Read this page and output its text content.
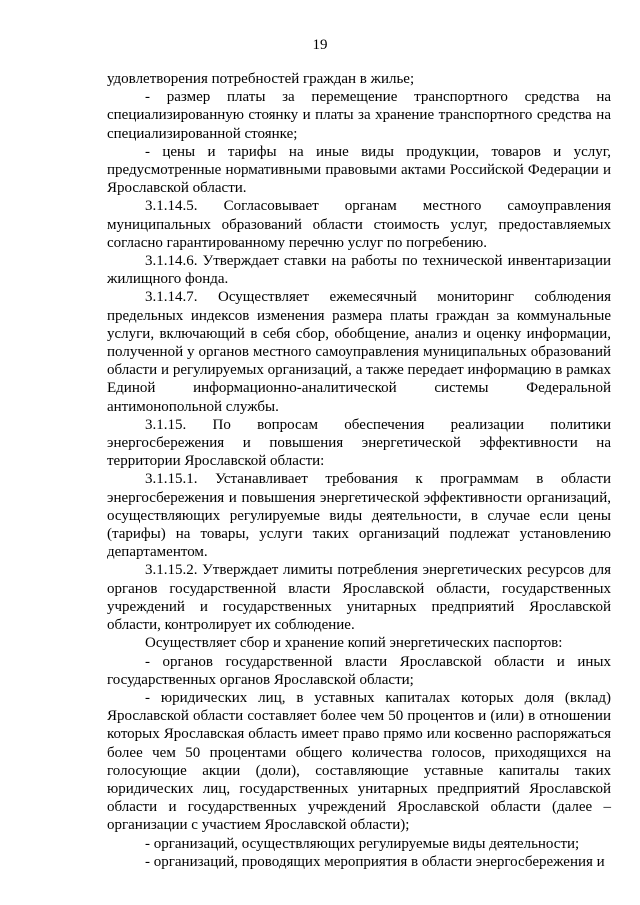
19

удовлетворения потребностей граждан в жилье;

- размер платы за перемещение транспортного средства на специализированную стоянку и платы за хранение транспортного средства на специализированной стоянке;

- цены и тарифы на иные виды продукции, товаров и услуг, предусмотренные нормативными правовыми актами Российской Федерации и Ярославской области.

3.1.14.5. Согласовывает органам местного самоуправления муниципальных образований области стоимость услуг, предоставляемых согласно гарантированному перечню услуг по погребению.

3.1.14.6. Утверждает ставки на работы по технической инвентаризации жилищного фонда.

3.1.14.7. Осуществляет ежемесячный мониторинг соблюдения предельных индексов изменения размера платы граждан за коммунальные услуги, включающий в себя сбор, обобщение, анализ и оценку информации, полученной у органов местного самоуправления муниципальных образований области и регулируемых организаций, а также передает информацию в рамках Единой информационно-аналитической системы Федеральной антимонопольной службы.

3.1.15. По вопросам обеспечения реализации политики энергосбережения и повышения энергетической эффективности на территории Ярославской области:

3.1.15.1. Устанавливает требования к программам в области энергосбережения и повышения энергетической эффективности организаций, осуществляющих регулируемые виды деятельности, в случае если цены (тарифы) на товары, услуги таких организаций подлежат установлению департаментом.

3.1.15.2. Утверждает лимиты потребления энергетических ресурсов для органов государственной власти Ярославской области, государственных учреждений и государственных унитарных предприятий Ярославской области, контролирует их соблюдение.

Осуществляет сбор и хранение копий энергетических паспортов:

- органов государственной власти Ярославской области и иных государственных органов Ярославской области;

- юридических лиц, в уставных капиталах которых доля (вклад) Ярославской области составляет более чем 50 процентов и (или) в отношении которых Ярославская область имеет право прямо или косвенно распоряжаться более чем 50 процентами общего количества голосов, приходящихся на голосующие акции (доли), составляющие уставные капиталы таких юридических лиц, государственных унитарных предприятий Ярославской области и государственных учреждений Ярославской области (далее – организации с участием Ярославской области);

- организаций, осуществляющих регулируемые виды деятельности;

- организаций, проводящих мероприятия в области энергосбережения и
